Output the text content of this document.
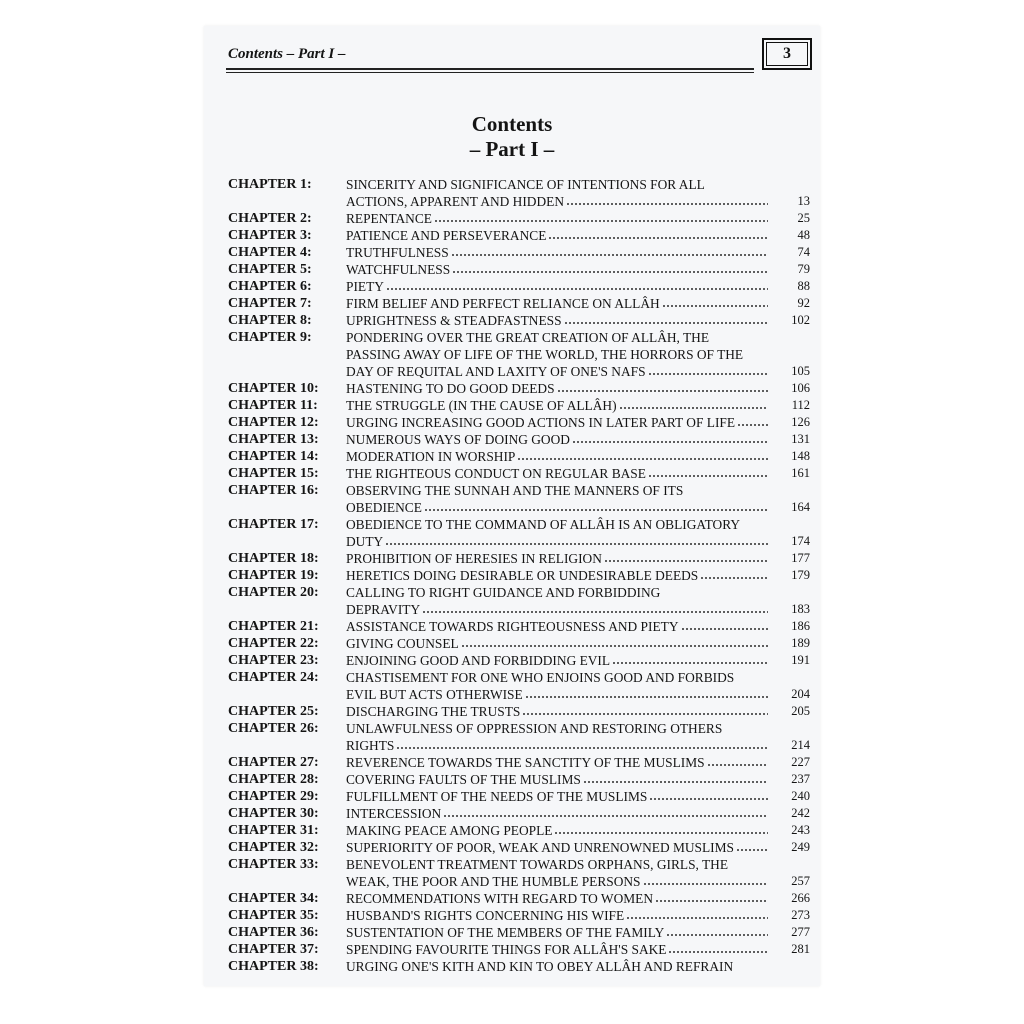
Contents – Part I –	3
Contents
– Part I –
CHAPTER 1:	SINCERITY AND SIGNIFICANCE OF INTENTIONS FOR ALL
ACTIONS, APPARENT AND HIDDEN	13
CHAPTER 2:	REPENTANCE	25
CHAPTER 3:	PATIENCE AND PERSEVERANCE	48
CHAPTER 4:	TRUTHFULNESS	74
CHAPTER 5:	WATCHFULNESS	79
CHAPTER 6:	PIETY	88
CHAPTER 7:	FIRM BELIEF AND PERFECT RELIANCE ON ALLÂH	92
CHAPTER 8:	UPRIGHTNESS & STEADFASTNESS	102
CHAPTER 9:	PONDERING OVER THE GREAT CREATION OF ALLÂH, THE
PASSING AWAY OF LIFE OF THE WORLD, THE HORRORS OF THE
DAY OF REQUITAL AND LAXITY OF ONE'S NAFS	105
CHAPTER 10:	HASTENING TO DO GOOD DEEDS	106
CHAPTER 11:	THE STRUGGLE (IN THE CAUSE OF ALLÂH)	112
CHAPTER 12:	URGING INCREASING GOOD ACTIONS IN LATER PART OF LIFE	126
CHAPTER 13:	NUMEROUS WAYS OF DOING GOOD	131
CHAPTER 14:	MODERATION IN WORSHIP	148
CHAPTER 15:	THE RIGHTEOUS CONDUCT ON REGULAR BASE	161
CHAPTER 16:	OBSERVING THE SUNNAH AND THE MANNERS OF ITS
OBEDIENCE	164
CHAPTER 17:	OBEDIENCE TO THE COMMAND OF ALLÂH IS AN OBLIGATORY
DUTY	174
CHAPTER 18:	PROHIBITION OF HERESIES IN RELIGION	177
CHAPTER 19:	HERETICS DOING DESIRABLE OR UNDESIRABLE DEEDS	179
CHAPTER 20:	CALLING TO RIGHT GUIDANCE AND FORBIDDING
DEPRAVITY	183
CHAPTER 21:	ASSISTANCE TOWARDS RIGHTEOUSNESS AND PIETY	186
CHAPTER 22:	GIVING COUNSEL	189
CHAPTER 23:	ENJOINING GOOD AND FORBIDDING EVIL	191
CHAPTER 24:	CHASTISEMENT FOR ONE WHO ENJOINS GOOD AND FORBIDS
EVIL BUT ACTS OTHERWISE	204
CHAPTER 25:	DISCHARGING THE TRUSTS	205
CHAPTER 26:	UNLAWFULNESS OF OPPRESSION AND RESTORING OTHERS
RIGHTS	214
CHAPTER 27:	REVERENCE TOWARDS THE SANCTITY OF THE MUSLIMS	227
CHAPTER 28:	COVERING FAULTS OF THE MUSLIMS	237
CHAPTER 29:	FULFILLMENT OF THE NEEDS OF THE MUSLIMS	240
CHAPTER 30:	INTERCESSION	242
CHAPTER 31:	MAKING PEACE AMONG PEOPLE	243
CHAPTER 32:	SUPERIORITY OF POOR, WEAK AND UNRENOWNED MUSLIMS	249
CHAPTER 33:	BENEVOLENT TREATMENT TOWARDS ORPHANS, GIRLS, THE
WEAK, THE POOR AND THE HUMBLE PERSONS	257
CHAPTER 34:	RECOMMENDATIONS WITH REGARD TO WOMEN	266
CHAPTER 35:	HUSBAND'S RIGHTS CONCERNING HIS WIFE	273
CHAPTER 36:	SUSTENTATION OF THE MEMBERS OF THE FAMILY	277
CHAPTER 37:	SPENDING FAVOURITE THINGS FOR ALLÂH'S SAKE	281
CHAPTER 38:	URGING ONE'S KITH AND KIN TO OBEY ALLÂH AND REFRAIN
